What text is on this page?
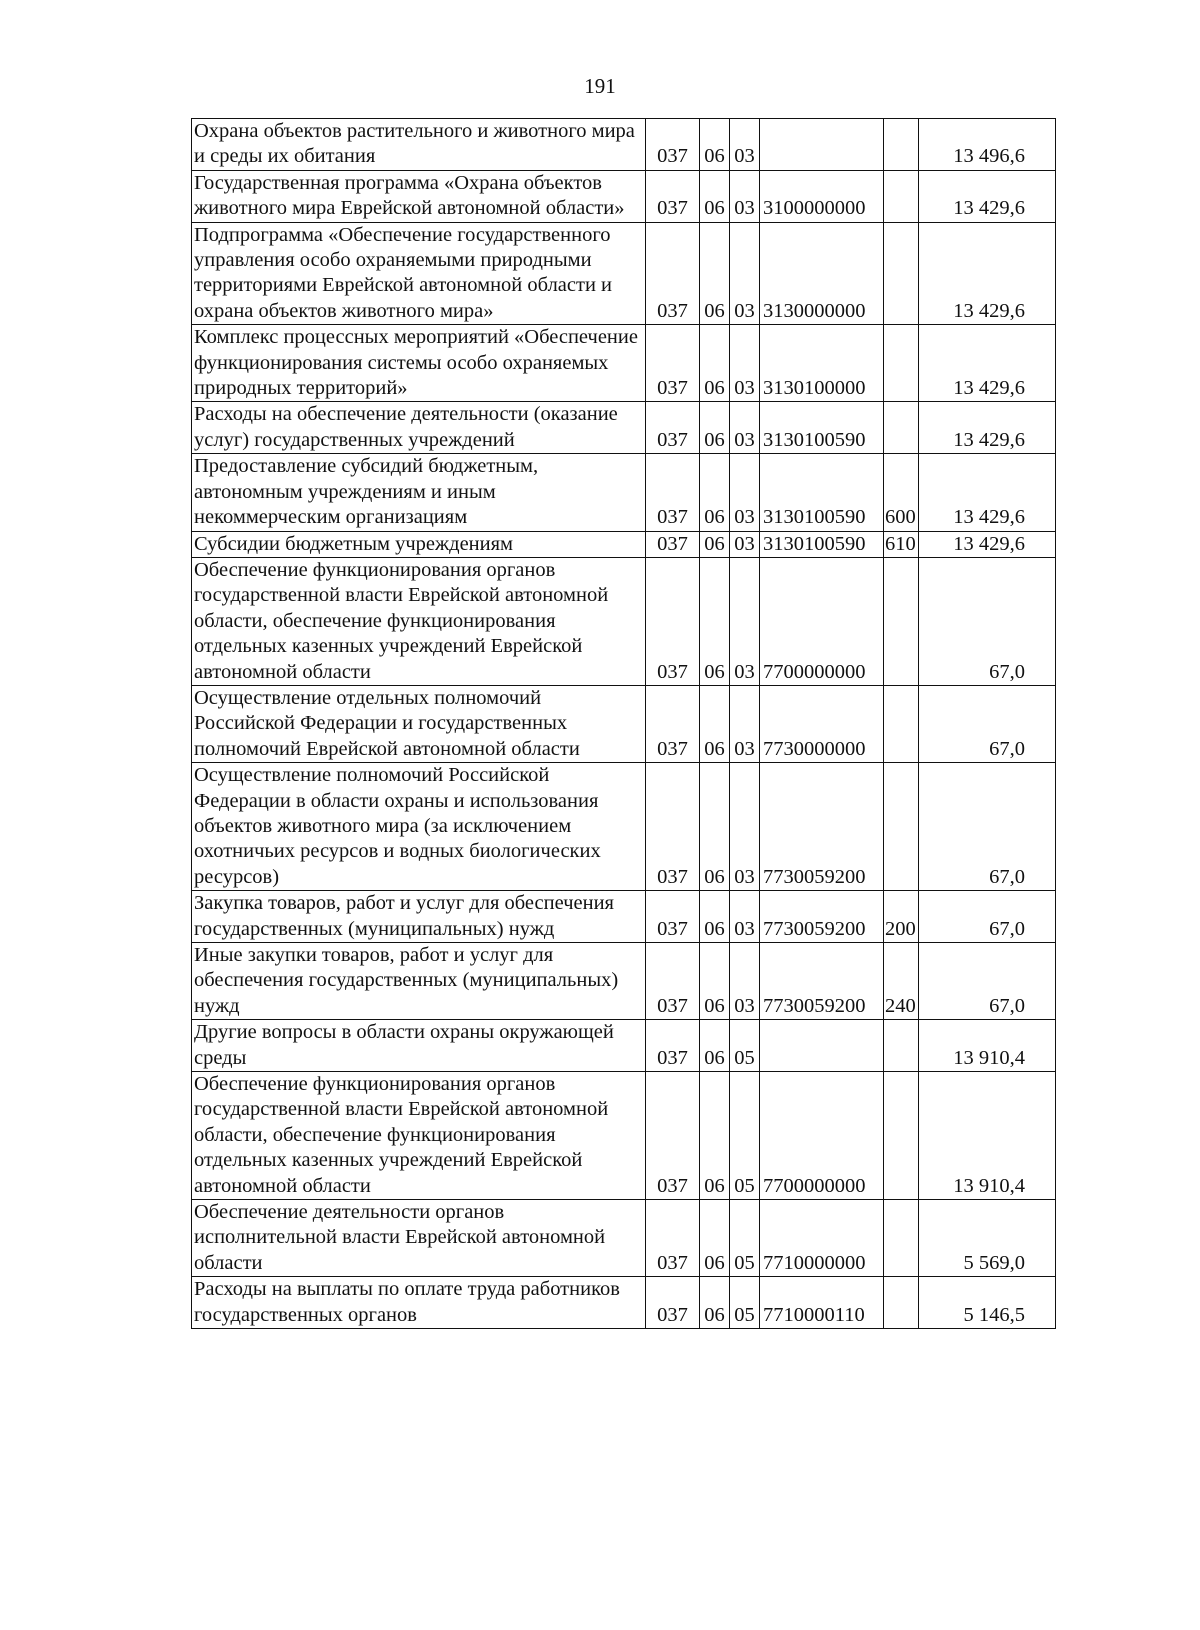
191
Охрана объектов растительного и животного мира и среды их обитания	037	06	03			13 496,6
Государственная программа «Охрана объектов животного мира Еврейской автономной области»	037	06	03	3100000000		13 429,6
Подпрограмма «Обеспечение государственного управления особо охраняемыми природными территориями Еврейской автономной области и охрана объектов животного мира»	037	06	03	3130000000		13 429,6
Комплекс процессных мероприятий «Обеспечение функционирования системы особо охраняемых природных территорий»	037	06	03	3130100000		13 429,6
Расходы на обеспечение деятельности (оказание услуг) государственных учреждений	037	06	03	3130100590		13 429,6
Предоставление субсидий бюджетным, автономным учреждениям и иным некоммерческим организациям	037	06	03	3130100590	600	13 429,6
Субсидии бюджетным учреждениям	037	06	03	3130100590	610	13 429,6
Обеспечение функционирования органов государственной власти Еврейской автономной области, обеспечение функционирования отдельных казенных учреждений Еврейской автономной области	037	06	03	7700000000		67,0
Осуществление отдельных полномочий Российской Федерации и государственных полномочий Еврейской автономной области	037	06	03	7730000000		67,0
Осуществление полномочий Российской Федерации в области охраны и использования объектов животного мира (за исключением охотничьих ресурсов и водных биологических ресурсов)	037	06	03	7730059200		67,0
Закупка товаров, работ и услуг для обеспечения государственных (муниципальных) нужд	037	06	03	7730059200	200	67,0
Иные закупки товаров, работ и услуг для обеспечения государственных (муниципальных) нужд	037	06	03	7730059200	240	67,0
Другие вопросы в области охраны окружающей среды	037	06	05			13 910,4
Обеспечение функционирования органов государственной власти Еврейской автономной области, обеспечение функционирования отдельных казенных учреждений Еврейской автономной области	037	06	05	7700000000		13 910,4
Обеспечение деятельности органов исполнительной власти Еврейской автономной области	037	06	05	7710000000		5 569,0
Расходы на выплаты по оплате труда работников государственных органов	037	06	05	7710000110		5 146,5
